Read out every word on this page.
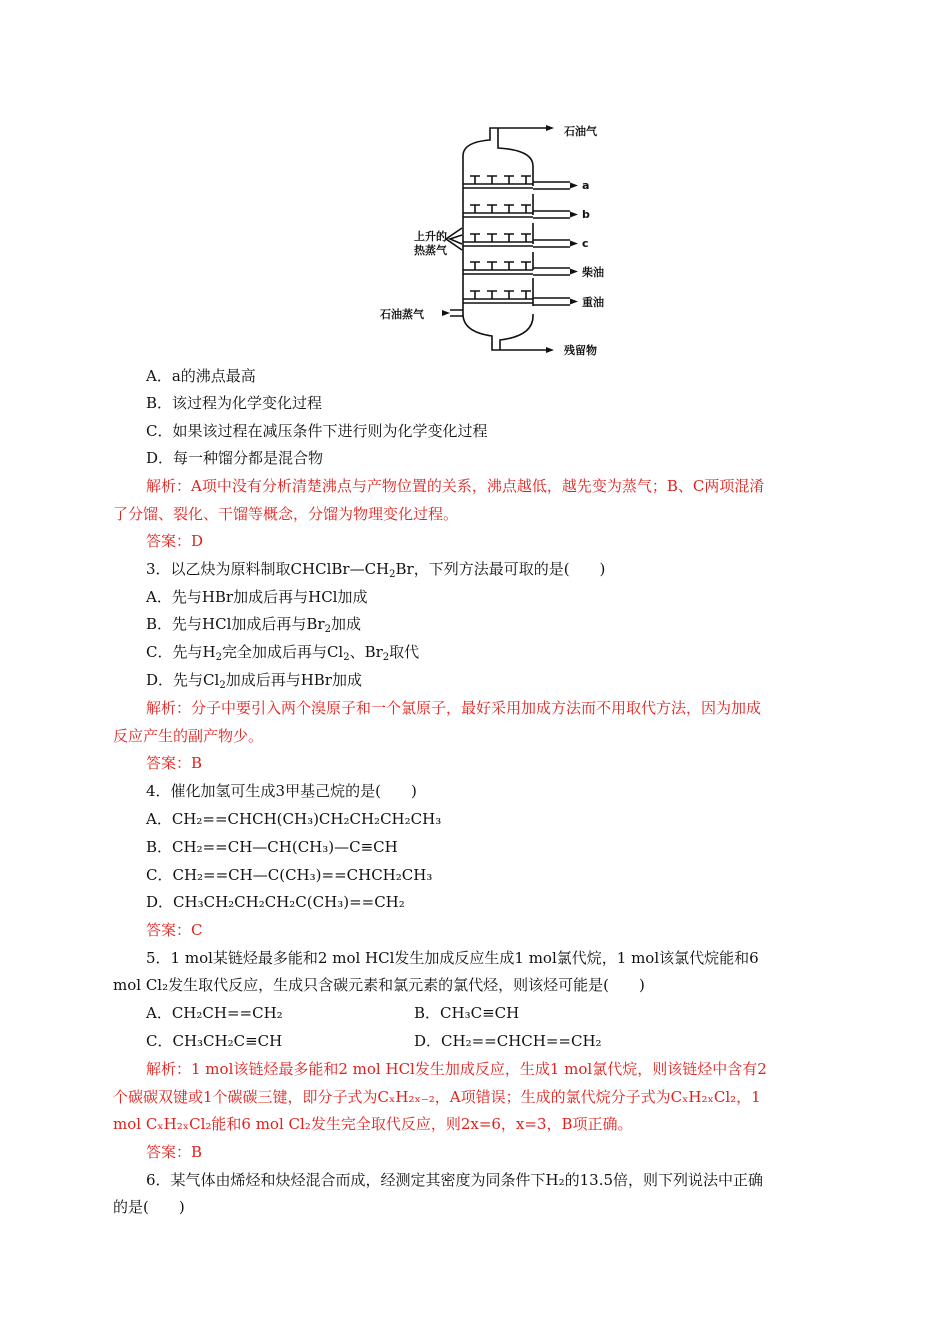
石油气
a
b
c
柴油
重油
残留物
上升的
热蒸气
石油蒸气
A．a的沸点最高
B．该过程为化学变化过程
C．如果该过程在减压条件下进行则为化学变化过程
D．每一种馏分都是混合物
解析：A项中没有分析清楚沸点与产物位置的关系，沸点越低，越先变为蒸气；B、C两项混淆
了分馏、裂化、干馏等概念，分馏为物理变化过程。
答案：D
3．以乙炔为原料制取$CHClBr—CH_2Br$，下列方法最可取的是(　　)
A．先与HBr加成后再与HCl加成
B．先与HCl加成后再与$Br_2$加成
C．先与$H_2$完全加成后再与$Cl_2$、$Br_2$取代
D．先与$Cl_2$加成后再与HBr加成
解析：分子中要引入两个溴原子和一个氯原子，最好采用加成方法而不用取代方法，因为加成
反应产生的副产物少。
答案：B
4．催化加氢可生成3甲基己烷的是(　　)
A．CH₂==CHCH(CH₃)CH₂CH₂CH₂CH₃
B．CH₂==CH—CH(CH₃)—C≡CH
C．CH₂==CH—C(CH₃)==CHCH₂CH₃
D．CH₃CH₂CH₂CH₂C(CH₃)==CH₂
答案：C
5．1 mol某链烃最多能和2 mol HCl发生加成反应生成1 mol氯代烷，1 mol该氯代烷能和6
mol Cl₂发生取代反应，生成只含碳元素和氯元素的氯代烃，则该烃可能是(　　)
A．CH₂CH==CH₂	B．CH₃C≡CH
C．CH₃CH₂C≡CH	D．CH₂==CHCH==CH₂
解析：1 mol该链烃最多能和2 mol HCl发生加成反应，生成1 mol氯代烷，则该链烃中含有2
个碳碳双键或1个碳碳三键，即分子式为CₓH₂ₓ₋₂，A项错误；生成的氯代烷分子式为CₓH₂ₓCl₂，1
mol CₓH₂ₓCl₂能和6 mol Cl₂发生完全取代反应，则2x=6，x=3，B项正确。
答案：B
6．某气体由烯烃和炔烃混合而成，经测定其密度为同条件下H₂的13.5倍，则下列说法中正确
的是(　　)
